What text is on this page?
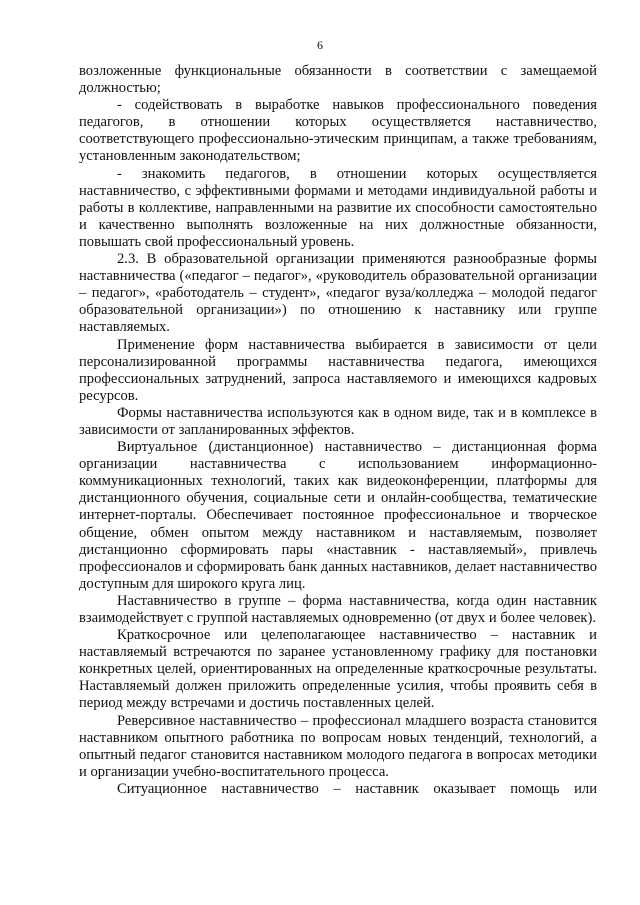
6

возложенные функциональные обязанности в соответствии с замещаемой должностью;

- содействовать в выработке навыков профессионального поведения педагогов, в отношении которых осуществляется наставничество, соответствующего профессионально-этическим принципам, а также требованиям, установленным законодательством;

- знакомить педагогов, в отношении которых осуществляется наставничество, с эффективными формами и методами индивидуальной работы и работы в коллективе, направленными на развитие их способности самостоятельно и качественно выполнять возложенные на них должностные обязанности, повышать свой профессиональный уровень.

2.3. В образовательной организации применяются разнообразные формы наставничества («педагог – педагог», «руководитель образовательной организации – педагог», «работодатель – студент», «педагог вуза/колледжа – молодой педагог образовательной организации») по отношению к наставнику или группе наставляемых.

Применение форм наставничества выбирается в зависимости от цели персонализированной программы наставничества педагога, имеющихся профессиональных затруднений, запроса наставляемого и имеющихся кадровых ресурсов.

Формы наставничества используются как в одном виде, так и в комплексе в зависимости от запланированных эффектов.

Виртуальное (дистанционное) наставничество – дистанционная форма организации наставничества с использованием информационно-коммуникационных технологий, таких как видеоконференции, платформы для дистанционного обучения, социальные сети и онлайн-сообщества, тематические интернет-порталы. Обеспечивает постоянное профессиональное и творческое общение, обмен опытом между наставником и наставляемым, позволяет дистанционно сформировать пары «наставник - наставляемый», привлечь профессионалов и сформировать банк данных наставников, делает наставничество доступным для широкого круга лиц.

Наставничество в группе – форма наставничества, когда один наставник взаимодействует с группой наставляемых одновременно (от двух и более человек).

Краткосрочное или целеполагающее наставничество – наставник и наставляемый встречаются по заранее установленному графику для постановки конкретных целей, ориентированных на определенные краткосрочные результаты. Наставляемый должен приложить определенные усилия, чтобы проявить себя в период между встречами и достичь поставленных целей.

Реверсивное наставничество – профессионал младшего возраста становится наставником опытного работника по вопросам новых тенденций, технологий, а опытный педагог становится наставником молодого педагога в вопросах методики и организации учебно-воспитательного процесса.

Ситуационное наставничество – наставник оказывает помощь или
